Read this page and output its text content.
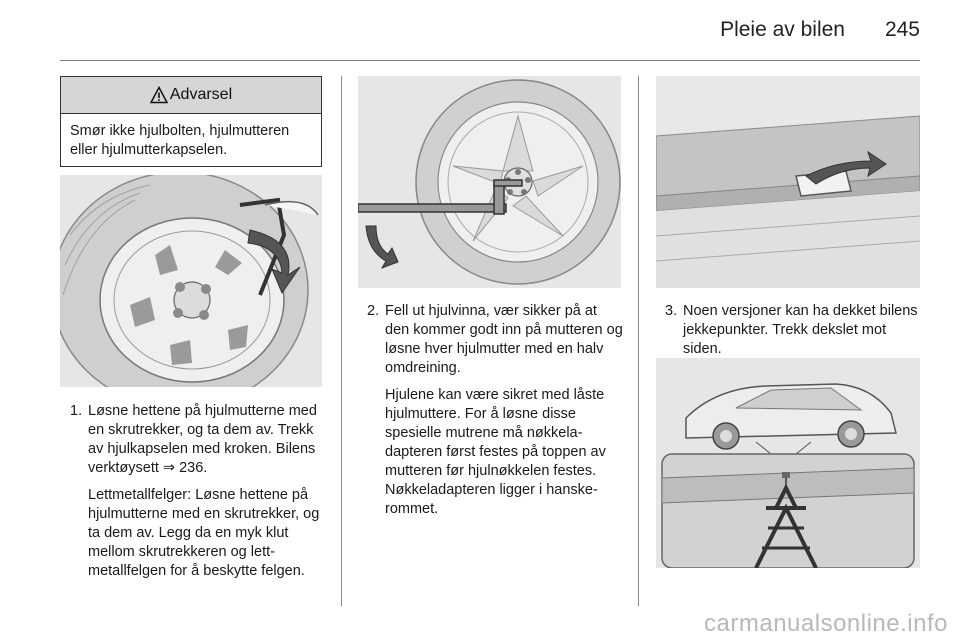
Pleie av bilen	245
Advarsel
Smør ikke hjulbolten, hjulmutteren eller hjulmutterkapselen.
1. Løsne hettene på hjulmutterne med en skrutrekker, og ta dem av. Trekk av hjulkapselen med kroken. Bilens verktøysett ⇒ 236.

Lettmetallfelger: Løsne hettene på hjulmutterne med en skrutrekker, og ta dem av. Legg da en myk klut mellom skrutrekkeren og lettmetallfelgen for å beskytte felgen.

2. Fell ut hjulvinna, vær sikker på at den kommer godt inn på mutteren og løsne hver hjulmutter med en halv omdreining.

Hjulene kan være sikret med låste hjulmuttere. For å løsne disse spesielle mutrene må nøkkeladapteren først festes på toppen av mutteren før hjulnøkkelen festes. Nøkkeladapteren ligger i hanskerommet.

3. Noen versjoner kan ha dekket bilens jekkepunkter. Trekk dekslet mot siden.

carmanualsonline.info
